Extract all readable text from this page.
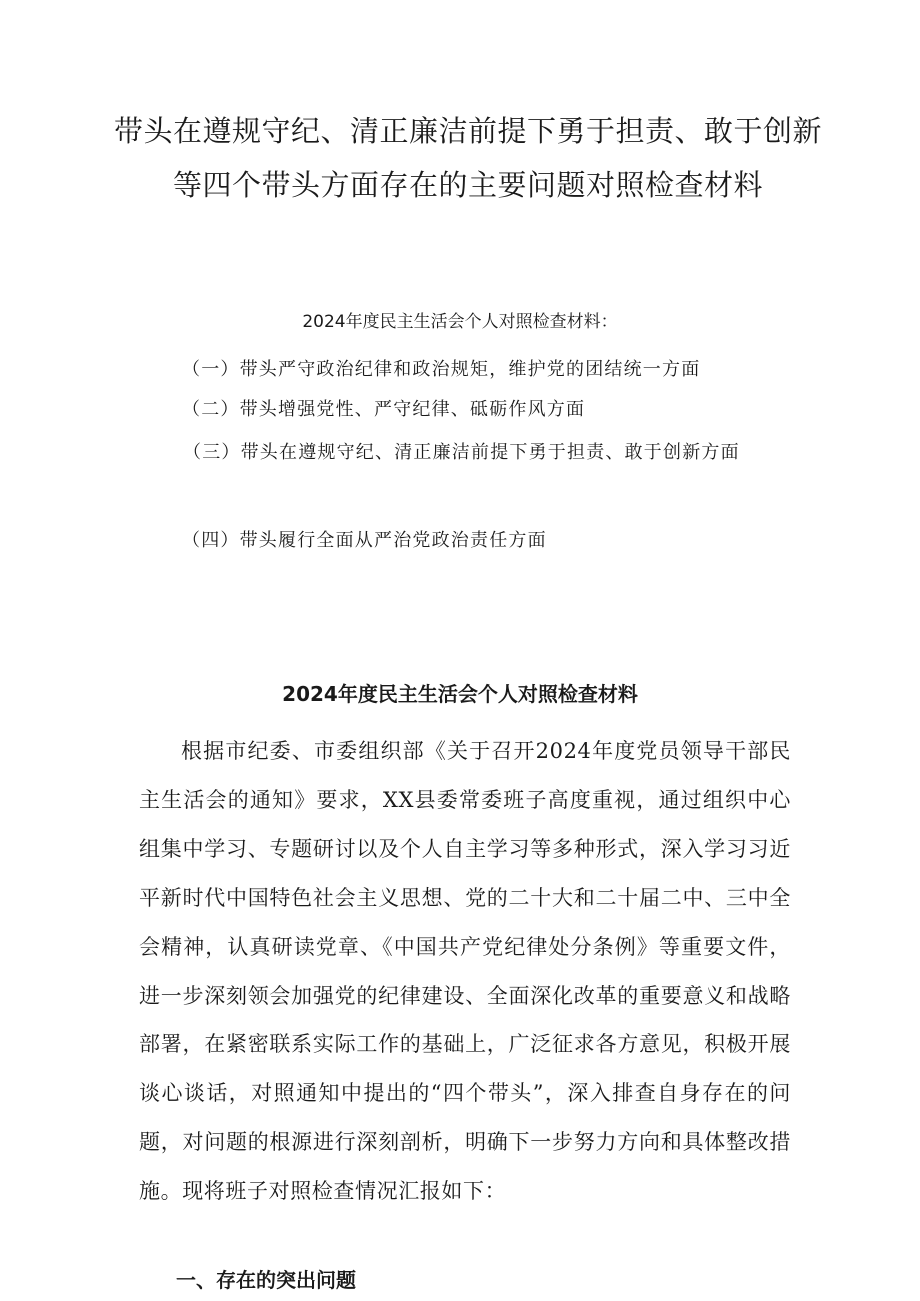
带头在遵规守纪、清正廉洁前提下勇于担责、敢于创新等四个带头方面存在的主要问题对照检查材料
2024年度民主生活会个人对照检查材料：
（一）带头严守政治纪律和政治规矩，维护党的团结统一方面
（二）带头增强党性、严守纪律、砥砺作风方面
（三）带头在遵规守纪、清正廉洁前提下勇于担责、敢于创新方面
（四）带头履行全面从严治党政治责任方面
2024年度民主生活会个人对照检查材料

根据市纪委、市委组织部《关于召开2024年度党员领导干部民主生活会的通知》要求，XX县委常委班子高度重视，通过组织中心组集中学习、专题研讨以及个人自主学习等多种形式，深入学习习近平新时代中国特色社会主义思想、党的二十大和二十届二中、三中全会精神，认真研读党章、《中国共产党纪律处分条例》等重要文件，进一步深刻领会加强党的纪律建设、全面深化改革的重要意义和战略部署，在紧密联系实际工作的基础上，广泛征求各方意见，积极开展谈心谈话，对照通知中提出的“四个带头”，深入排查自身存在的问题，对问题的根源进行深刻剖析，明确下一步努力方向和具体整改措施。现将班子对照检查情况汇报如下：

一、存在的突出问题
